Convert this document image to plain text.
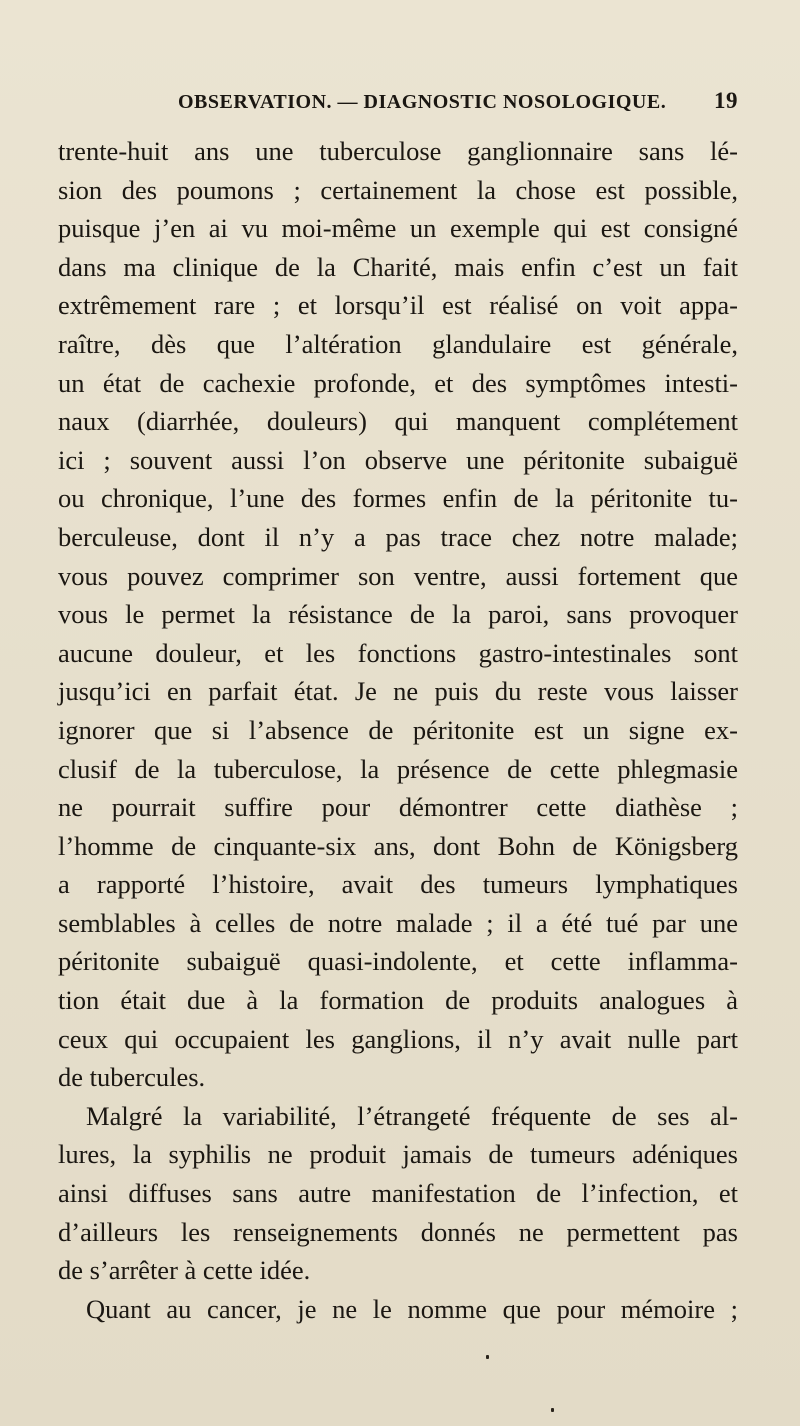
OBSERVATION. — DIAGNOSTIC NOSOLOGIQUE. 19
trente-huit ans une tuberculose ganglionnaire sans lé-
sion des poumons ; certainement la chose est possible,
puisque j’en ai vu moi-même un exemple qui est consigné
dans ma clinique de la Charité, mais enfin c’est un fait
extrêmement rare ; et lorsqu’il est réalisé on voit appa-
raître, dès que l’altération glandulaire est générale,
un état de cachexie profonde, et des symptômes intesti-
naux (diarrhée, douleurs) qui manquent complétement
ici ; souvent aussi l’on observe une péritonite subaiguë
ou chronique, l’une des formes enfin de la péritonite tu-
berculeuse, dont il n’y a pas trace chez notre malade;
vous pouvez comprimer son ventre, aussi fortement que
vous le permet la résistance de la paroi, sans provoquer
aucune douleur, et les fonctions gastro-intestinales sont
jusqu’ici en parfait état. Je ne puis du reste vous laisser
ignorer que si l’absence de péritonite est un signe ex-
clusif de la tuberculose, la présence de cette phlegmasie
ne pourrait suffire pour démontrer cette diathèse ;
l’homme de cinquante-six ans, dont Bohn de Königsberg
a rapporté l’histoire, avait des tumeurs lymphatiques
semblables à celles de notre malade ; il a été tué par une
péritonite subaiguë quasi-indolente, et cette inflamma-
tion était due à la formation de produits analogues à
ceux qui occupaient les ganglions, il n’y avait nulle part
de tubercules.
Malgré la variabilité, l’étrangeté fréquente de ses al-
lures, la syphilis ne produit jamais de tumeurs adéniques
ainsi diffuses sans autre manifestation de l’infection, et
d’ailleurs les renseignements donnés ne permettent pas
de s’arrêter à cette idée.
Quant au cancer, je ne le nomme que pour mémoire ;
